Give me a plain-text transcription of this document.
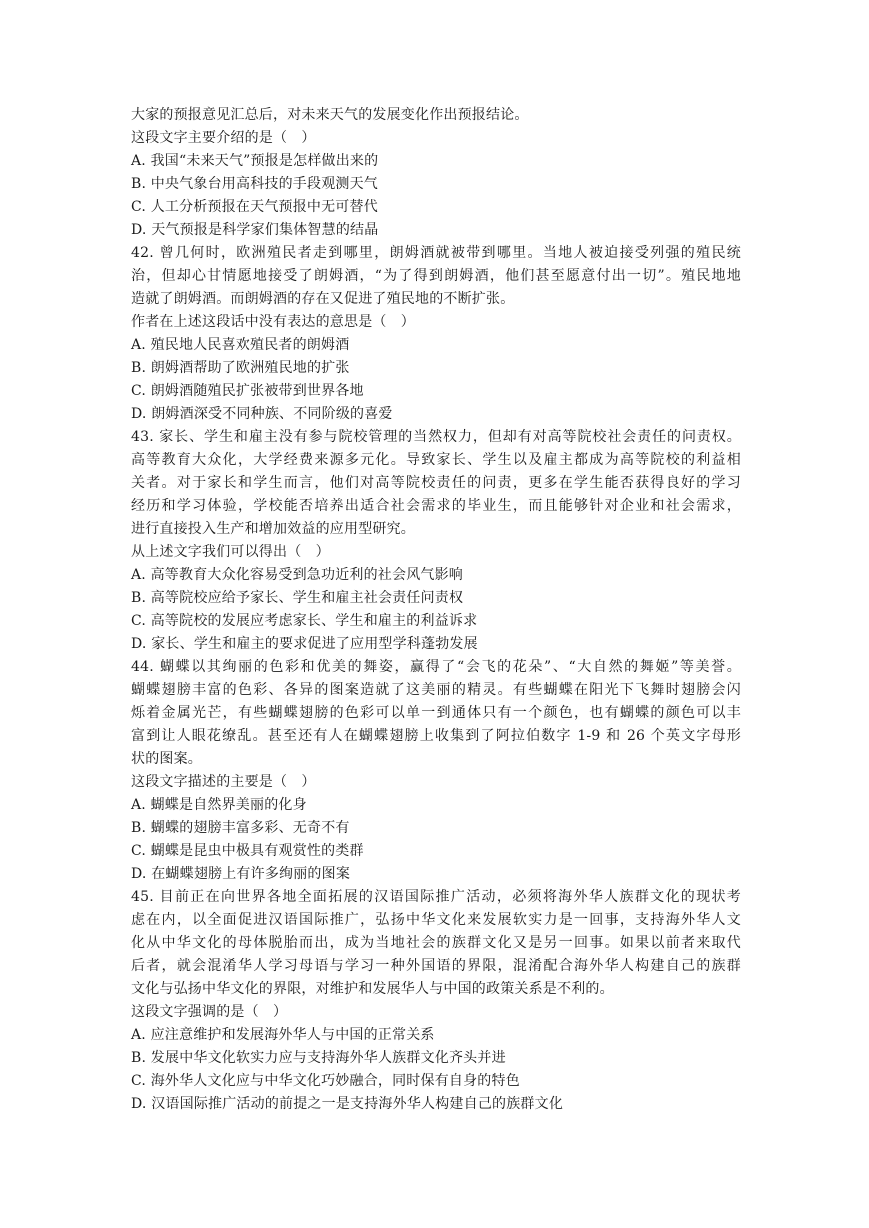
大家的预报意见汇总后，对未来天气的发展变化作出预报结论。
这段文字主要介绍的是（　）
A. 我国“未来天气”预报是怎样做出来的
B. 中央气象台用高科技的手段观测天气
C. 人工分析预报在天气预报中无可替代
D. 天气预报是科学家们集体智慧的结晶
42. 曾几何时，欧洲殖民者走到哪里，朗姆酒就被带到哪里。当地人被迫接受列强的殖民统
治，但却心甘情愿地接受了朗姆酒，“为了得到朗姆酒，他们甚至愿意付出一切”。殖民地地
造就了朗姆酒。而朗姆酒的存在又促进了殖民地的不断扩张。
作者在上述这段话中没有表达的意思是（　）
A. 殖民地人民喜欢殖民者的朗姆酒
B. 朗姆酒帮助了欧洲殖民地的扩张
C. 朗姆酒随殖民扩张被带到世界各地
D. 朗姆酒深受不同种族、不同阶级的喜爱
43. 家长、学生和雇主没有参与院校管理的当然权力，但却有对高等院校社会责任的问责权。
高等教育大众化，大学经费来源多元化。导致家长、学生以及雇主都成为高等院校的利益相
关者。对于家长和学生而言，他们对高等院校责任的问责，更多在学生能否获得良好的学习
经历和学习体验，学校能否培养出适合社会需求的毕业生，而且能够针对企业和社会需求，
进行直接投入生产和增加效益的应用型研究。
从上述文字我们可以得出（　）
A. 高等教育大众化容易受到急功近利的社会风气影响
B. 高等院校应给予家长、学生和雇主社会责任问责权
C. 高等院校的发展应考虑家长、学生和雇主的利益诉求
D. 家长、学生和雇主的要求促进了应用型学科蓬勃发展
44. 蝴蝶以其绚丽的色彩和优美的舞姿，赢得了“会飞的花朵”、“大自然的舞姬”等美誉。
蝴蝶翅膀丰富的色彩、各异的图案造就了这美丽的精灵。有些蝴蝶在阳光下飞舞时翅膀会闪
烁着金属光芒，有些蝴蝶翅膀的色彩可以单一到通体只有一个颜色，也有蝴蝶的颜色可以丰
富到让人眼花缭乱。甚至还有人在蝴蝶翅膀上收集到了阿拉伯数字 1-9 和 26 个英文字母形
状的图案。
这段文字描述的主要是（　）
A. 蝴蝶是自然界美丽的化身
B. 蝴蝶的翅膀丰富多彩、无奇不有
C. 蝴蝶是昆虫中极具有观赏性的类群
D. 在蝴蝶翅膀上有许多绚丽的图案
45. 目前正在向世界各地全面拓展的汉语国际推广活动，必须将海外华人族群文化的现状考
虑在内，以全面促进汉语国际推广，弘扬中华文化来发展软实力是一回事，支持海外华人文
化从中华文化的母体脱胎而出，成为当地社会的族群文化又是另一回事。如果以前者来取代
后者，就会混淆华人学习母语与学习一种外国语的界限，混淆配合海外华人构建自己的族群
文化与弘扬中华文化的界限，对维护和发展华人与中国的政策关系是不利的。
这段文字强调的是（　）
A. 应注意维护和发展海外华人与中国的正常关系
B. 发展中华文化软实力应与支持海外华人族群文化齐头并进
C. 海外华人文化应与中华文化巧妙融合，同时保有自身的特色
D. 汉语国际推广活动的前提之一是支持海外华人构建自己的族群文化
